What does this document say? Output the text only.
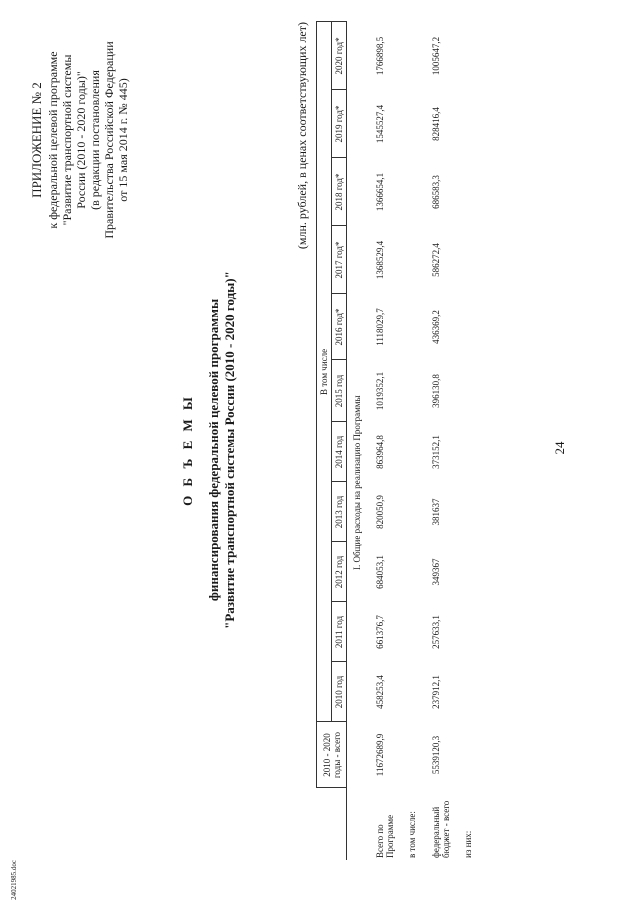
24
24021985.doc
ПРИЛОЖЕНИЕ № 2 к федеральной целевой программе "Развитие транспортной системы России (2010 - 2020 годы)" (в редакции постановления Правительства Российской Федерации от 15 мая 2014 г. № 445)
О Б Ъ Е М Ы финансирования федеральной целевой программы "Развитие транспортной системы России (2010 - 2020 годы)"
(млн. рублей, в ценах соответствующих лет)
	2010 - 2020 годы - всего	В том числе										
		2010 год	2011 год	2012 год	2013 год	2014 год	2015 год	2016 год*	2017 год*	2018 год*	2019 год*	2020 год*
I. Общие расходы на реализацию Программы												
Всего по Программе	11672689,9	458253,4	661376,7	684053,1	820050,9	863964,8	1019352,1	1118029,7	1368529,4	1366654,1	1545527,4	1766898,5
в том числе:												
федеральный бюджет - всего	5539120,3	237912,1	257633,1	349367	381637	373152,1	396130,8	436369,2	586272,4	686583,3	828416,4	1005647,2
из них:												
